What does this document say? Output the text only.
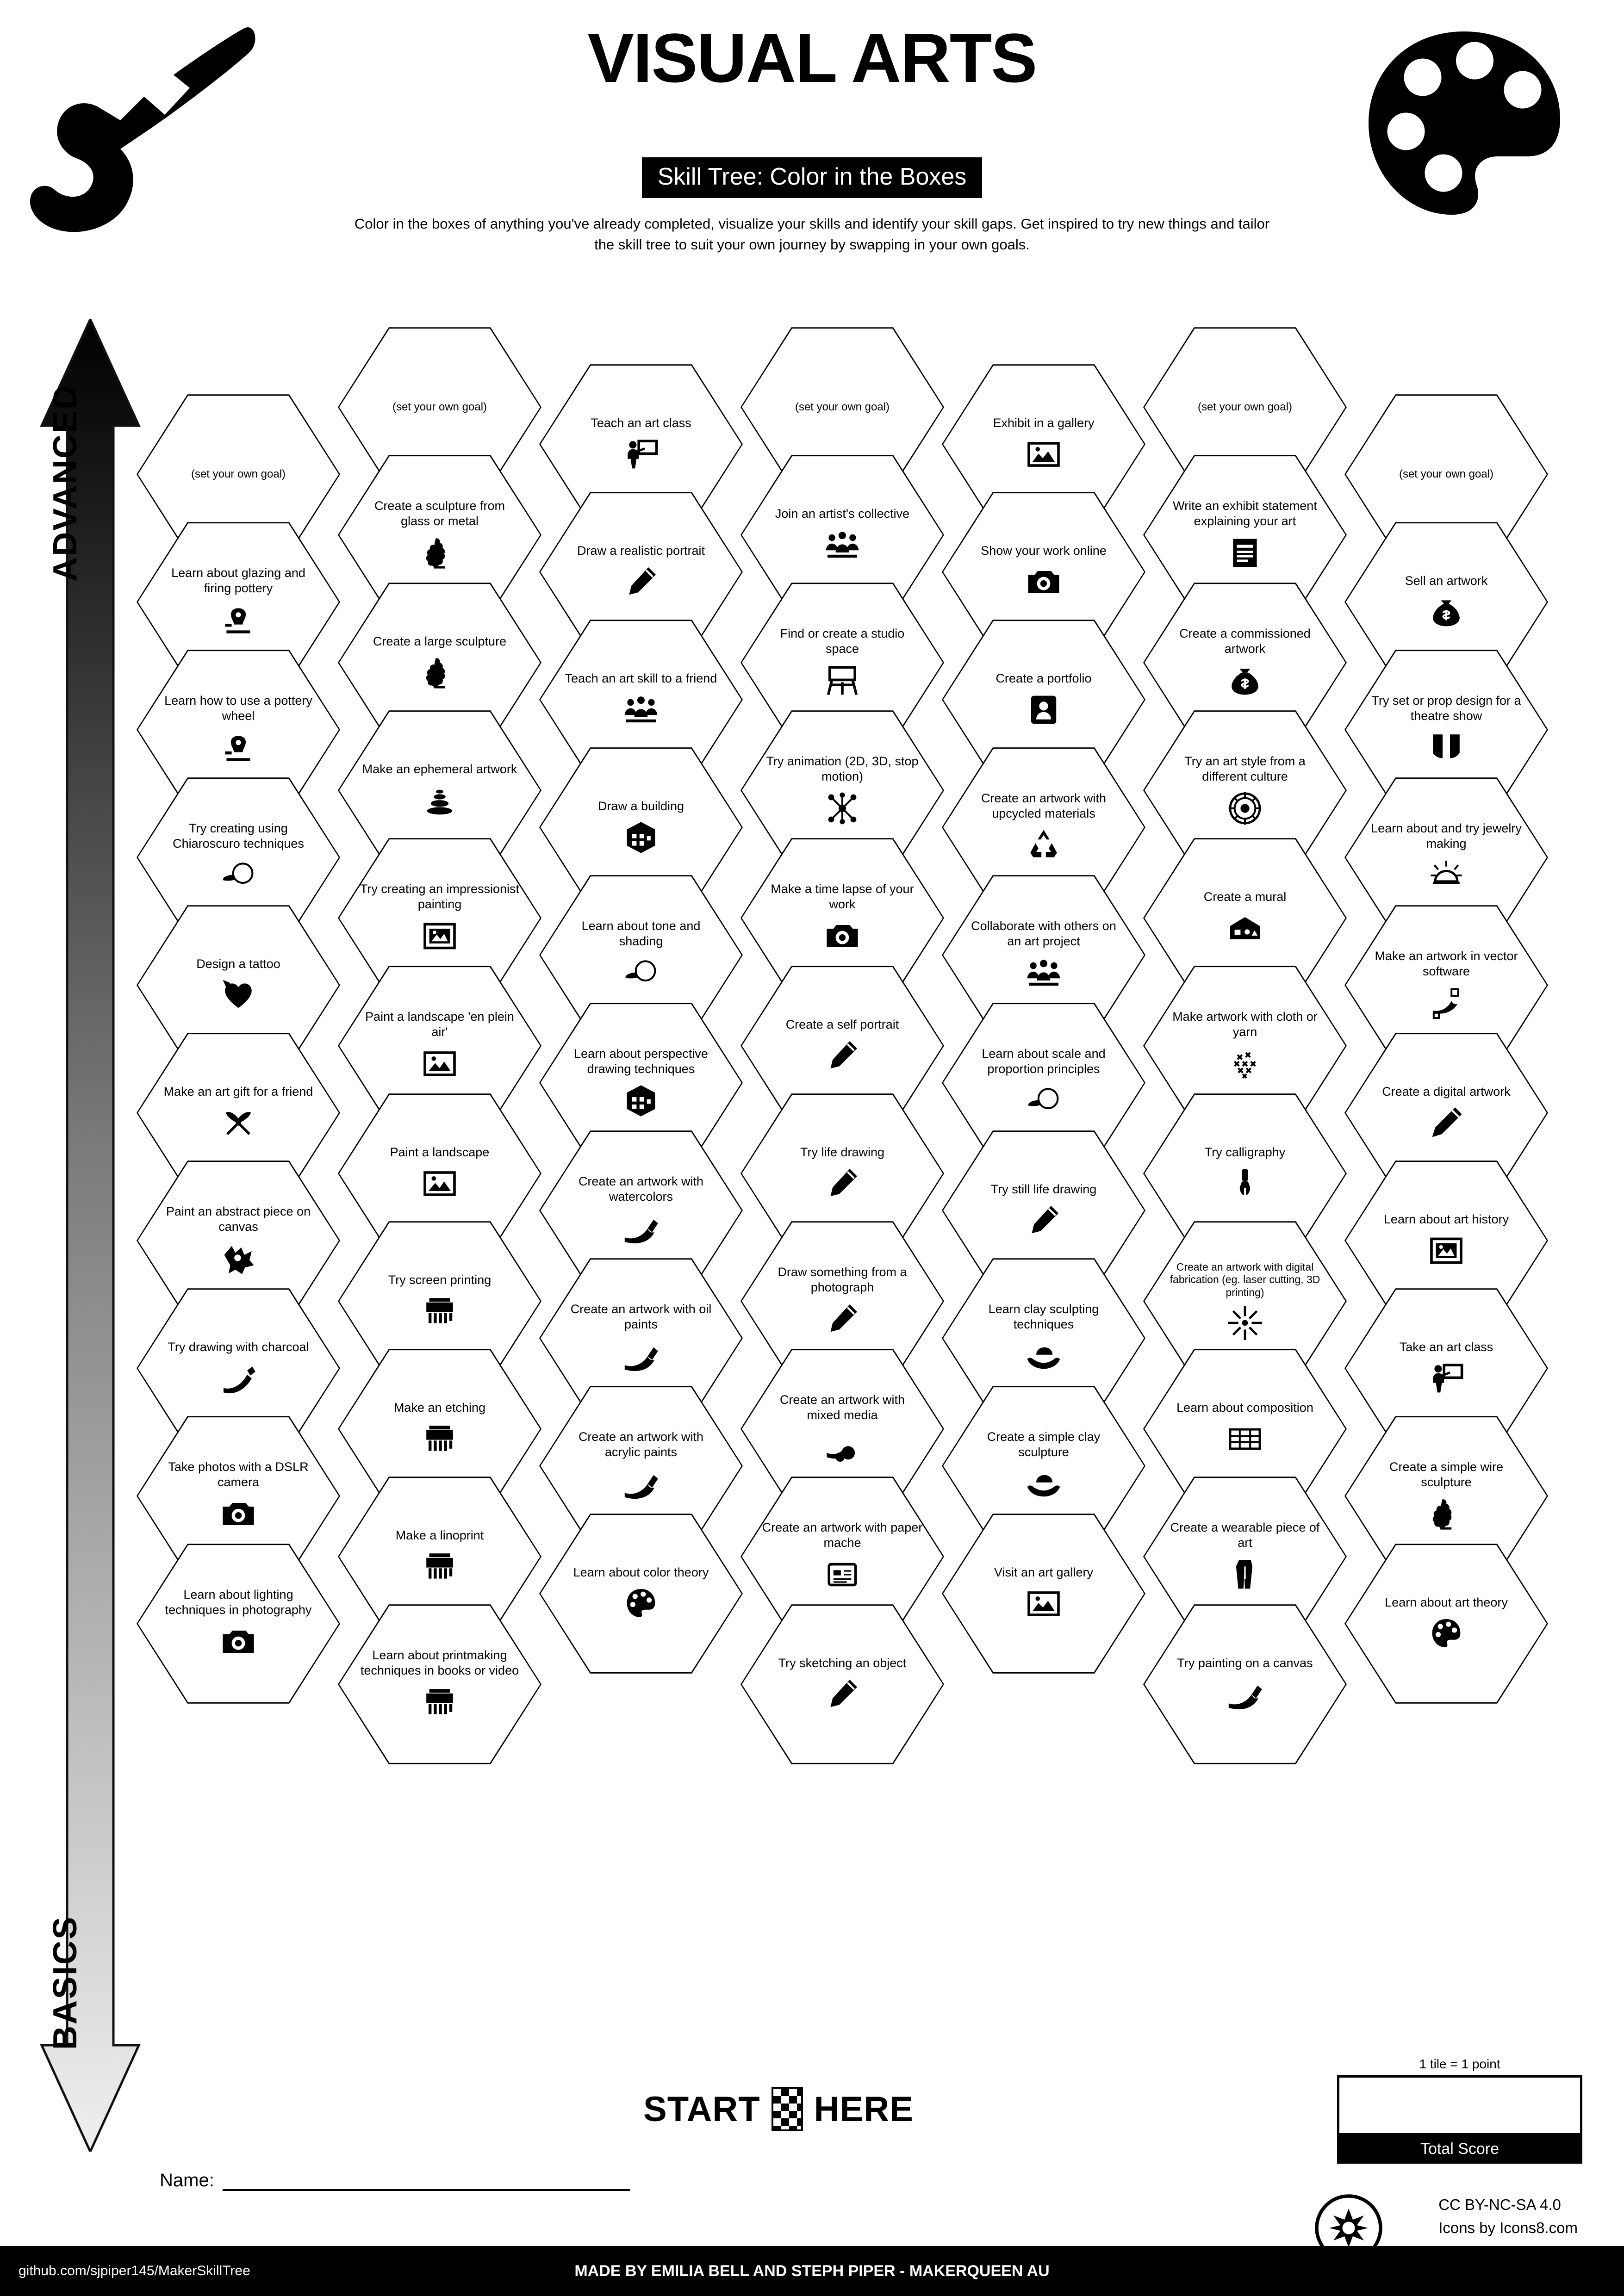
VISUAL ARTS
Skill Tree: Color in the Boxes
Color in the boxes of anything you've already completed, visualize your skills and identify your skill gaps. Get inspired to try new things and tailor the skill tree to suit your own journey by swapping in your own goals.
ADVANCED
BASICS
(set your own goal)
Learn about glazing and firing pottery
Learn how to use a pottery wheel
Try creating using Chiaroscuro techniques
Design a tattoo
Make an art gift for a friend
Paint an abstract piece on canvas
Try drawing with charcoal
Take photos with a DSLR camera
Learn about lighting techniques in photography
(set your own goal)
Create a sculpture from glass or metal
Create a large sculpture
Make an ephemeral artwork
Try creating an impressionist painting
Paint a landscape 'en plein air'
Paint a landscape
Try screen printing
Make an etching
Make a linoprint
Learn about printmaking techniques in books or video
Teach an art class
Draw a realistic portrait
Teach an art skill to a friend
Draw a building
Learn about tone and shading
Learn about perspective drawing techniques
Create an artwork with watercolors
Create an artwork with oil paints
Create an artwork with acrylic paints
Learn about color theory
(set your own goal)
Join an artist's collective
Find or create a studio space
Try animation (2D, 3D, stop motion)
Make a time lapse of your work
Create a self portrait
Try life drawing
Draw something from a photograph
Create an artwork with mixed media
Create an artwork with paper mache
Try sketching an object
Exhibit in a gallery
Show your work online
Create a portfolio
Create an artwork with upcycled materials
Collaborate with others on an art project
Learn about scale and proportion principles
Try still life drawing
Learn clay sculpting techniques
Create a simple clay sculpture
Visit an art gallery
(set your own goal)
Write an exhibit statement explaining your art
Create a commissioned artwork
Try an art style from a different culture
Create a mural
Make artwork with cloth or yarn
Try calligraphy
Create an artwork with digital fabrication (eg. laser cutting, 3D printing)
Learn about composition
Create a wearable piece of art
Try painting on a canvas
(set your own goal)
Sell an artwork
Try set or prop design for a theatre show
Learn about and try jewelry making
Make an artwork in vector software
Create a digital artwork
Learn about art history
Take an art class
Create a simple wire sculpture
Learn about art theory
START HERE
1 tile = 1 point
Total Score
Name:
CC BY-NC-SA 4.0
Icons by Icons8.com
github.com/sjpiper145/MakerSkillTree	MADE BY EMILIA BELL AND STEPH PIPER - MAKERQUEEN AU
